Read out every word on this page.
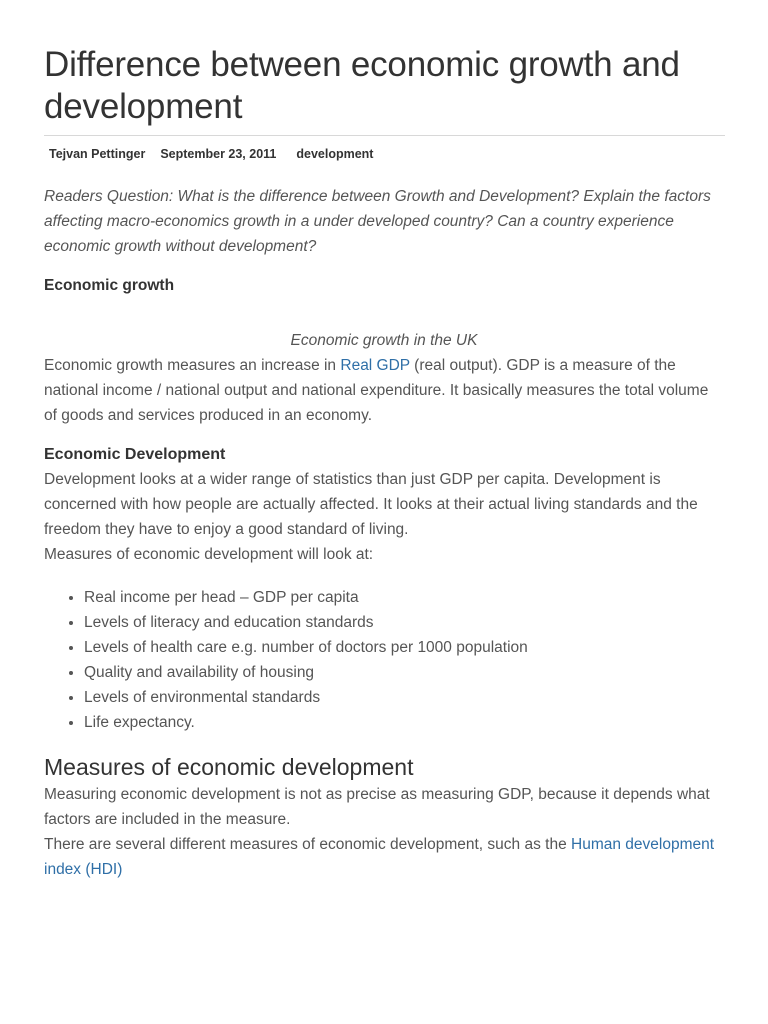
Difference between economic growth and development
Tejvan Pettinger September 23, 2011 development

Readers Question: What is the difference between Growth and Development? Explain the factors affecting macro-economics growth in a under developed country? Can a country experience economic growth without development?

Economic growth
Economic growth in the UK

Economic growth measures an increase in Real GDP (real output). GDP is a measure of the national income / national output and national expenditure. It basically measures the total volume of goods and services produced in an economy.

Economic Development

Development looks at a wider range of statistics than just GDP per capita. Development is concerned with how people are actually affected. It looks at their actual living standards and the freedom they have to enjoy a good standard of living.

Measures of economic development will look at:

• Real income per head – GDP per capita
• Levels of literacy and education standards
• Levels of health care e.g. number of doctors per 1000 population
• Quality and availability of housing
• Levels of environmental standards
• Life expectancy.
Measures of economic development

Measuring economic development is not as precise as measuring GDP, because it depends what factors are included in the measure.

There are several different measures of economic development, such as the Human development index (HDI)
